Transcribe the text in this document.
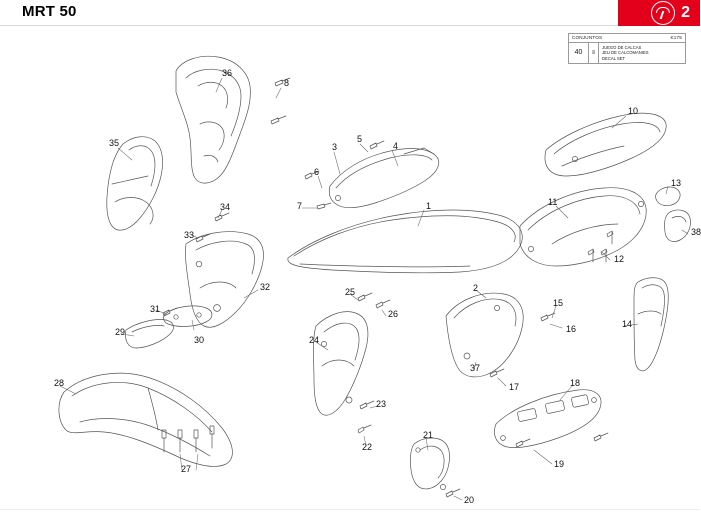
MRT 50	2
CONJUNTOS	K175
40	≡
JUEGO DE CALCAS
JEU DE CALCOMANIES
DECAL SET
1
2
3	4
5
6
7
8
10
11
12
13
14
15
16
17	18
19
20
21
22
23
24
25
26
27
28
29
30
31
32
33
34
35
36
37
38
